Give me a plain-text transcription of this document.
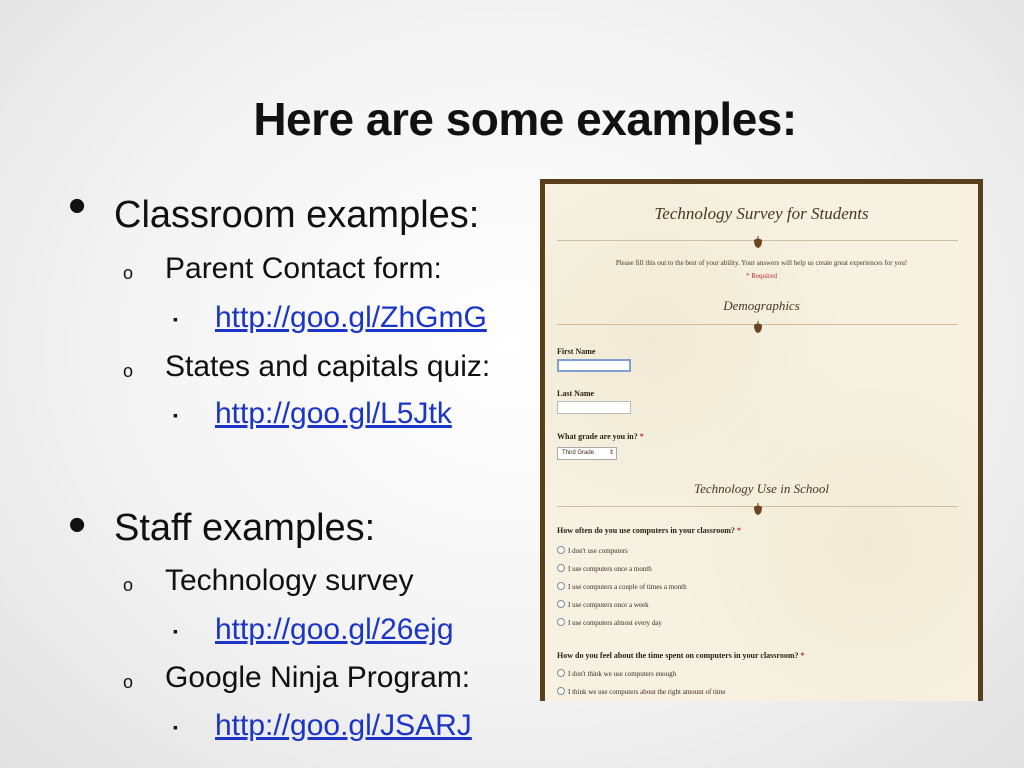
Here are some examples:
• Classroom examples:
o Parent Contact form:
▪ http://goo.gl/ZhGmG
o States and capitals quiz:
▪ http://goo.gl/L5Jtk
• Staff examples:
o Technology survey
▪ http://goo.gl/26ejg
o Google Ninja Program:
▪ http://goo.gl/JSARJ
Technology Survey for Students
Please fill this out to the best of your ability. Your answers will help us create great experiences for you!
* Required
Demographics
First Name
Last Name
What grade are you in? *
Third Grade ⇕
Technology Use in School
How often do you use computers in your classroom? *
I don't use computers
I use computers once a month
I use computers a couple of times a month
I use computers once a week
I use computers almost every day
How do you feel about the time spent on computers in your classroom? *
I don't think we use computers enough
I think we use computers about the right amount of time
